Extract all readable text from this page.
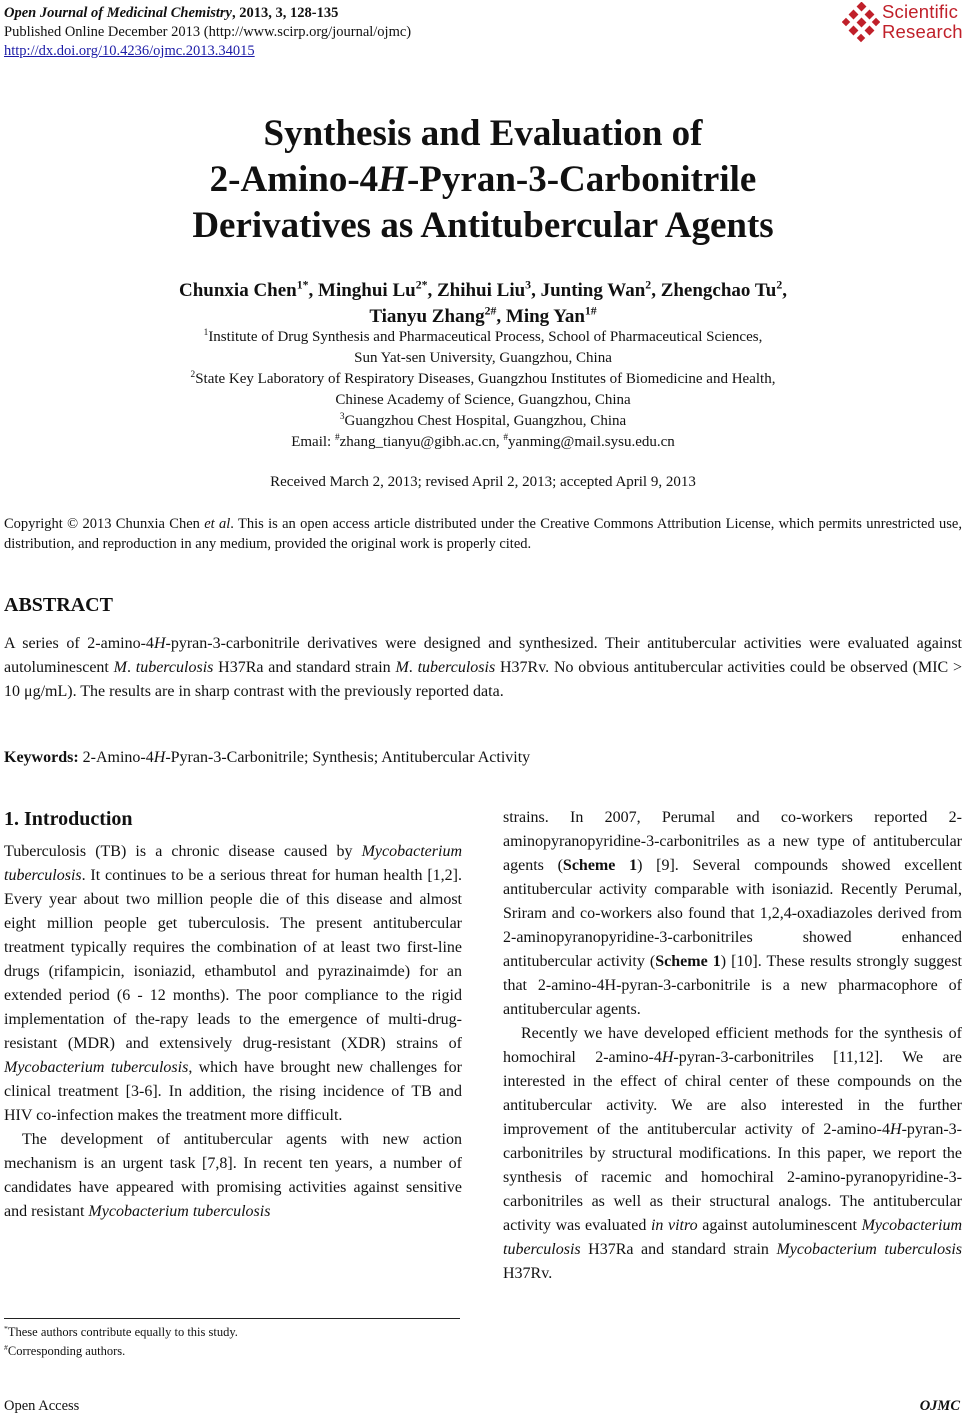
Open Journal of Medicinal Chemistry, 2013, 3, 128-135
Published Online December 2013 (http://www.scirp.org/journal/ojmc)
http://dx.doi.org/10.4236/ojmc.2013.34015
Scientific
Research
Synthesis and Evaluation of
2-Amino-4H-Pyran-3-Carbonitrile
Derivatives as Antitubercular Agents
Chunxia Chen$^{1*}$, Minghui $Lu^{2*}$, Zhihui Liu$^3$, Junting Wan$^2$, Zhengchao Tu$^2$,
Tianyu Zhang$^{2\#}$, Ming Yan$^{1\#}$
$^1$Institute of Drug Synthesis and Pharmaceutical Process, School of Pharmaceutical Sciences,
Sun Yat-sen University, Guangzhou, China
$^2$State Key Laboratory of Respiratory Diseases, Guangzhou Institutes of Biomedicine and Health,
Chinese Academy of Science, Guangzhou, China
$^3$Guangzhou Chest Hospital, Guangzhou, China
Email: #zhang_tianyu@gibh.ac.cn, #yanming@mail.sysu.edu.cn
Received March 2, 2013; revised April 2, 2013; accepted April 9, 2013
Copyright © 2013 Chunxia Chen et al. This is an open access article distributed under the Creative Commons Attribution License, which permits unrestricted use, distribution, and reproduction in any medium, provided the original work is properly cited.
ABSTRACT
A series of 2-amino-4H-pyran-3-carbonitrile derivatives were designed and synthesized. Their antitubercular activities were evaluated against autoluminescent M. tuberculosis H37Ra and standard strain M. tuberculosis H37Rv. No obvious antitubercular activities could be observed (MIC > 10 μg/mL). The results are in sharp contrast with the previously reported data.
Keywords: 2-Amino-4H-Pyran-3-Carbonitrile; Synthesis; Antitubercular Activity
1. Introduction

Tuberculosis (TB) is a chronic disease caused by Mycobacterium tuberculosis. It continues to be a serious threat for human health [1,2]. Every year about two million people die of this disease and almost eight million people get tuberculosis. The present antitubercular treatment typically requires the combination of at least two first-line drugs (rifampicin, isoniazid, ethambutol and pyrazinaimde) for an extended period (6 - 12 months). The poor compliance to the rigid implementation of the-rapy leads to the emergence of multi-drug-resistant (MDR) and extensively drug-resistant (XDR) strains of Mycobacterium tuberculosis, which have brought new challenges for clinical treatment [3-6]. In addition, the rising incidence of TB and HIV co-infection makes the treatment more difficult.

The development of antitubercular agents with new action mechanism is an urgent task [7,8]. In recent ten years, a number of candidates have appeared with promising activities against sensitive and resistant Mycobacterium tuberculosis

strains. In 2007, Perumal and co-workers reported 2-aminopyranopyridine-3-carbonitriles as a new type of antitubercular agents (Scheme 1) [9]. Several compounds showed excellent antitubercular activity comparable with isoniazid. Recently Perumal, Sriram and co-workers also found that 1,2,4-oxadiazoles derived from 2-aminopyranopyridine-3-carbonitriles showed enhanced antitubercular activity (Scheme 1) [10]. These results strongly suggest that 2-amino-4H-pyran-3-carbonitrile is a new pharmacophore of antitubercular agents.

Recently we have developed efficient methods for the synthesis of homochiral 2-amino-4H-pyran-3-carbonitriles [11,12]. We are interested in the effect of chiral center of these compounds on the antitubercular activity. We are also interested in the further improvement of the antitubercular activity of 2-amino-4H-pyran-3-carbonitriles by structural modifications. In this paper, we report the synthesis of racemic and homochiral 2-amino-pyranopyridine-3-carbonitriles as well as their structural analogs. The antitubercular activity was evaluated in vitro against autoluminescent Mycobacterium tuberculosis H37Ra and standard strain Mycobacterium tuberculosis H37Rv.

*These authors contribute equally to this study.
#Corresponding authors.
Open Access	OJMC
